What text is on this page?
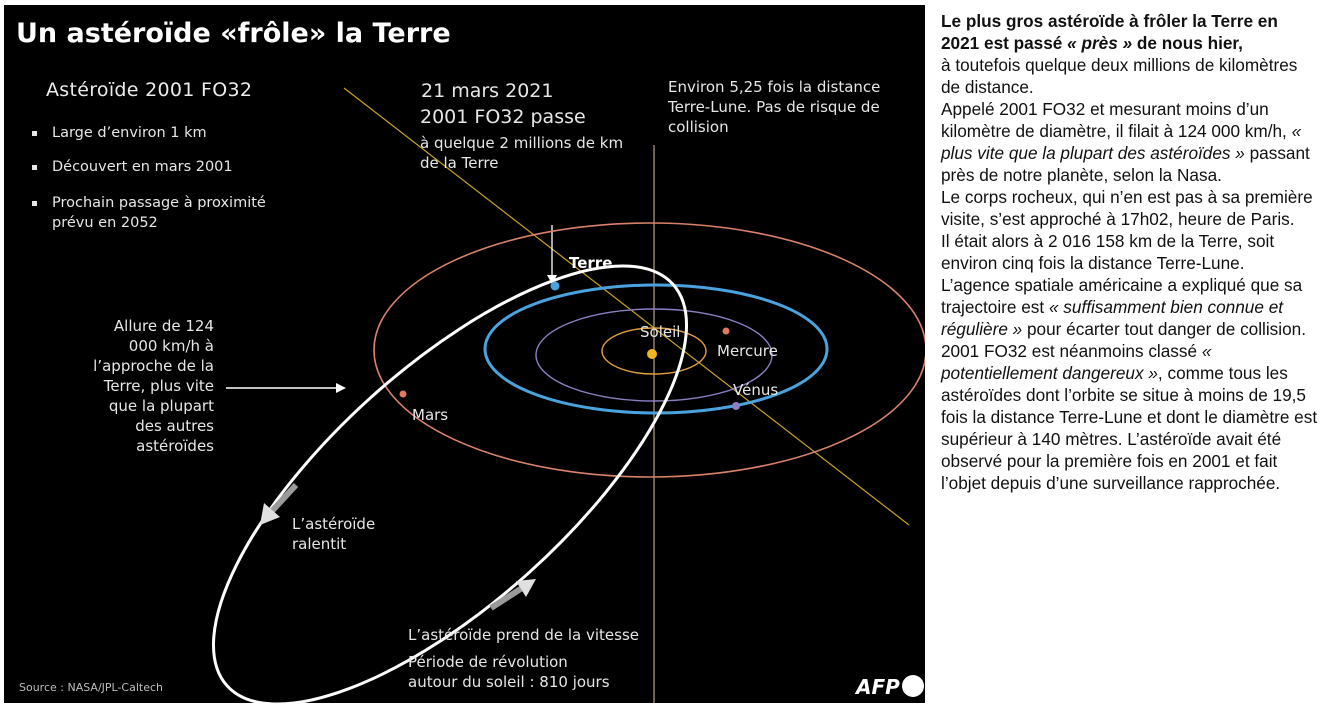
Un astéroïde «frôle» la Terre
Astéroïde 2001 FO32
Large d’environ 1 km
Découvert en mars 2001
Prochain passage à proximité
prévu en 2052
21 mars 2021
2001 FO32 passe
à quelque 2 millions de km
de la Terre
Environ 5,25 fois la distance Terre-Lune. Pas de risque de collision
Allure de 124 000 km/h à l’approche de la Terre, plus vite que la plupart des autres astéroïdes
L’astéroïde ralentit
L’astéroïde prend de la vitesse
Période de révolution
autour du soleil : 810 jours
Terre
Soleil
Mercure
Vénus
Mars
Source : NASA/JPL-Caltech	AFP

Le plus gros astéroïde à frôler la Terre en 2021 est passé « près » de nous hier,

à toutefois quelque deux millions de kilomètres de distance.

Appelé 2001 FO32 et mesurant moins d’un kilomètre de diamètre, il filait à 124 000 km/h, « plus vite que la plupart des astéroïdes » passant près de notre planète, selon la Nasa.

Le corps rocheux, qui n’en est pas à sa première visite, s’est approché à 17h02, heure de Paris.

Il était alors à 2 016 158 km de la Terre, soit environ cinq fois la distance Terre-Lune.

L’agence spatiale américaine a expliqué que sa trajectoire est « suffisamment bien connue et régulière » pour écarter tout danger de collision.

2001 FO32 est néanmoins classé « potentiellement dangereux », comme tous les astéroïdes dont l’orbite se situe à moins de 19,5 fois la distance Terre-Lune et dont le diamètre est supérieur à 140 mètres. L’astéroïde avait été observé pour la première fois en 2001 et fait l’objet depuis d’une surveillance rapprochée.
